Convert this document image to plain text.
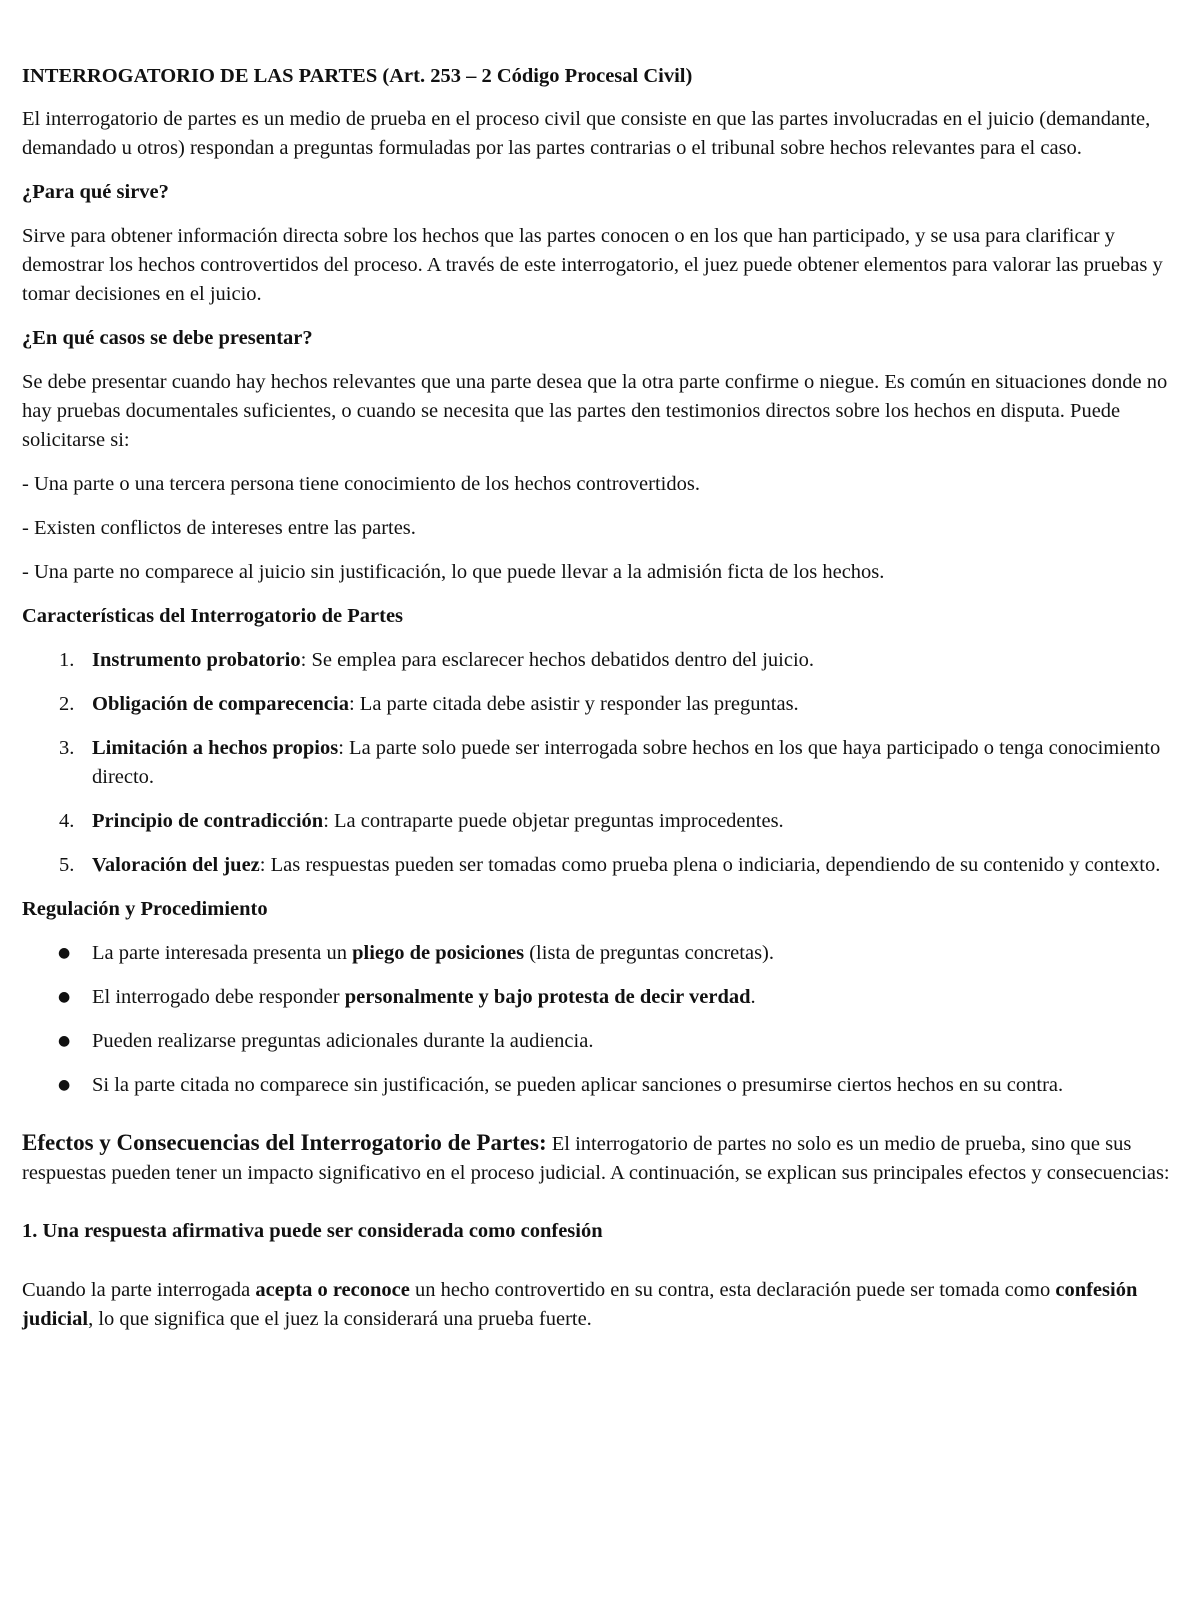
INTERROGATORIO DE LAS PARTES (Art. 253 – 2 Código Procesal Civil)

El interrogatorio de partes es un medio de prueba en el proceso civil que consiste en que las partes involucradas en el juicio (demandante, demandado u otros) respondan a preguntas formuladas por las partes contrarias o el tribunal sobre hechos relevantes para el caso.

¿Para qué sirve?

Sirve para obtener información directa sobre los hechos que las partes conocen o en los que han participado, y se usa para clarificar y demostrar los hechos controvertidos del proceso. A través de este interrogatorio, el juez puede obtener elementos para valorar las pruebas y tomar decisiones en el juicio.

¿En qué casos se debe presentar?

Se debe presentar cuando hay hechos relevantes que una parte desea que la otra parte confirme o niegue. Es común en situaciones donde no hay pruebas documentales suficientes, o cuando se necesita que las partes den testimonios directos sobre los hechos en disputa. Puede solicitarse si:

- Una parte o una tercera persona tiene conocimiento de los hechos controvertidos.

- Existen conflictos de intereses entre las partes.

- Una parte no comparece al juicio sin justificación, lo que puede llevar a la admisión ficta de los hechos.

Características del Interrogatorio de Partes

1. Instrumento probatorio: Se emplea para esclarecer hechos debatidos dentro del juicio.
2. Obligación de comparecencia: La parte citada debe asistir y responder las preguntas.
3. Limitación a hechos propios: La parte solo puede ser interrogada sobre hechos en los que haya participado o tenga conocimiento directo.
4. Principio de contradicción: La contraparte puede objetar preguntas improcedentes.
5. Valoración del juez: Las respuestas pueden ser tomadas como prueba plena o indiciaria, dependiendo de su contenido y contexto.

Regulación y Procedimiento

● La parte interesada presenta un pliego de posiciones (lista de preguntas concretas).
● El interrogado debe responder personalmente y bajo protesta de decir verdad.
● Pueden realizarse preguntas adicionales durante la audiencia.
● Si la parte citada no comparece sin justificación, se pueden aplicar sanciones o presumirse ciertos hechos en su contra.

Efectos y Consecuencias del Interrogatorio de Partes: El interrogatorio de partes no solo es un medio de prueba, sino que sus respuestas pueden tener un impacto significativo en el proceso judicial. A continuación, se explican sus principales efectos y consecuencias:

1. Una respuesta afirmativa puede ser considerada como confesión

Cuando la parte interrogada acepta o reconoce un hecho controvertido en su contra, esta declaración puede ser tomada como confesión judicial, lo que significa que el juez la considerará una prueba fuerte.
